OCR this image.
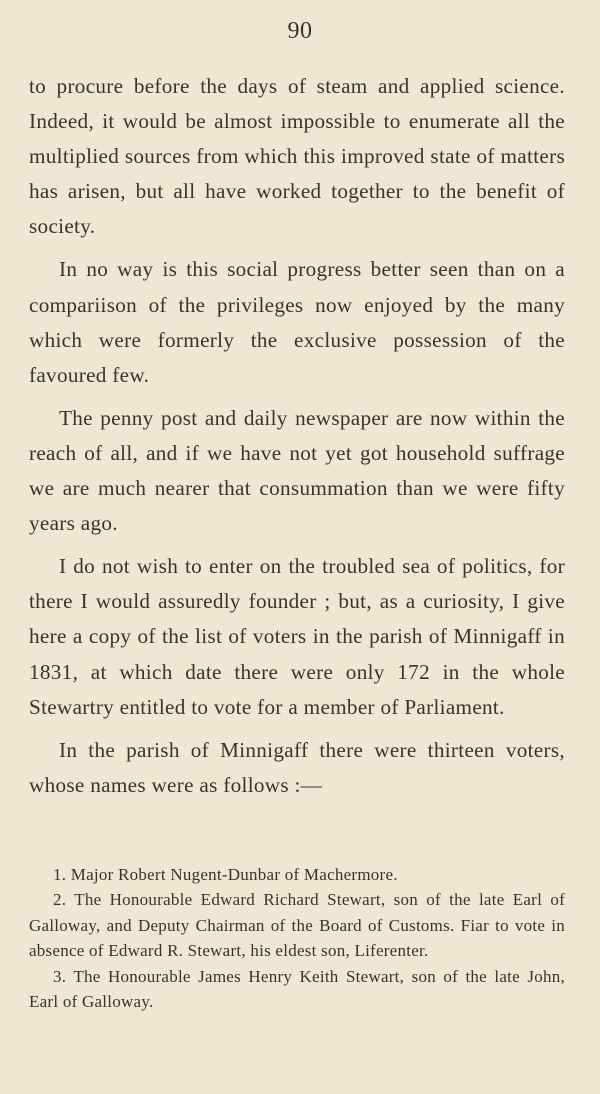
90

to procure before the days of steam and applied science. Indeed, it would be almost impossible to enumerate all the multiplied sources from which this improved state of matters has arisen, but all have worked together to the benefit of society.

In no way is this social progress better seen than on a compariison of the privileges now enjoyed by the many which were formerly the exclusive possession of the favoured few.

The penny post and daily newspaper are now within the reach of all, and if we have not yet got household suffrage we are much nearer that consummation than we were fifty years ago.

I do not wish to enter on the troubled sea of politics, for there I would assuredly founder ; but, as a curiosity, I give here a copy of the list of voters in the parish of Minnigaff in 1831, at which date there were only 172 in the whole Stewartry entitled to vote for a member of Parliament.

In the parish of Minnigaff there were thirteen voters, whose names were as follows :—

1. Major Robert Nugent-Dunbar of Machermore.

2. The Honourable Edward Richard Stewart, son of the late Earl of Galloway, and Deputy Chairman of the Board of Customs. Fiar to vote in absence of Edward R. Stewart, his eldest son, Liferenter.

3. The Honourable James Henry Keith Stewart, son of the late John, Earl of Galloway.
